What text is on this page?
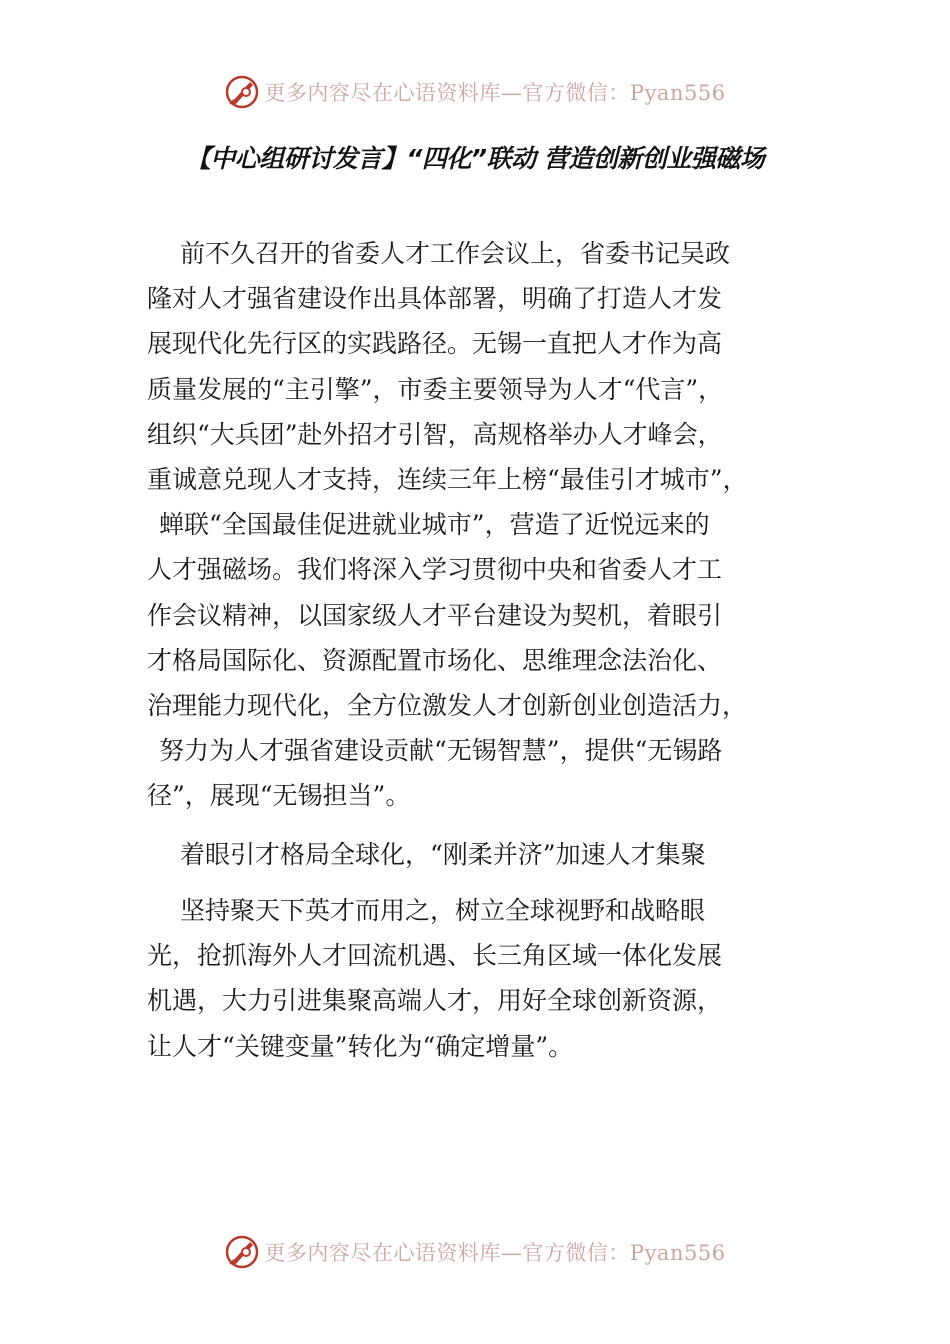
更多内容尽在心语资料库—官方微信：Pyan556
【中心组研讨发言】“四化”联动 营造创新创业强磁场
前不久召开的省委人才工作会议上，省委书记吴政
隆对人才强省建设作出具体部署，明确了打造人才发
展现代化先行区的实践路径。无锡一直把人才作为高
质量发展的“主引擎”，市委主要领导为人才“代言”，
组织“大兵团”赴外招才引智，高规格举办人才峰会，
重诚意兑现人才支持，连续三年上榜“最佳引才城市”，
蝉联“全国最佳促进就业城市”，营造了近悦远来的
人才强磁场。我们将深入学习贯彻中央和省委人才工
作会议精神，以国家级人才平台建设为契机，着眼引
才格局国际化、资源配置市场化、思维理念法治化、
治理能力现代化，全方位激发人才创新创业创造活力，
努力为人才强省建设贡献“无锡智慧”，提供“无锡路
径”，展现“无锡担当”。
着眼引才格局全球化，“刚柔并济”加速人才集聚
坚持聚天下英才而用之，树立全球视野和战略眼
光，抢抓海外人才回流机遇、长三角区域一体化发展
机遇，大力引进集聚高端人才，用好全球创新资源，
让人才“关键变量”转化为“确定增量”。
更多内容尽在心语资料库—官方微信：Pyan556
